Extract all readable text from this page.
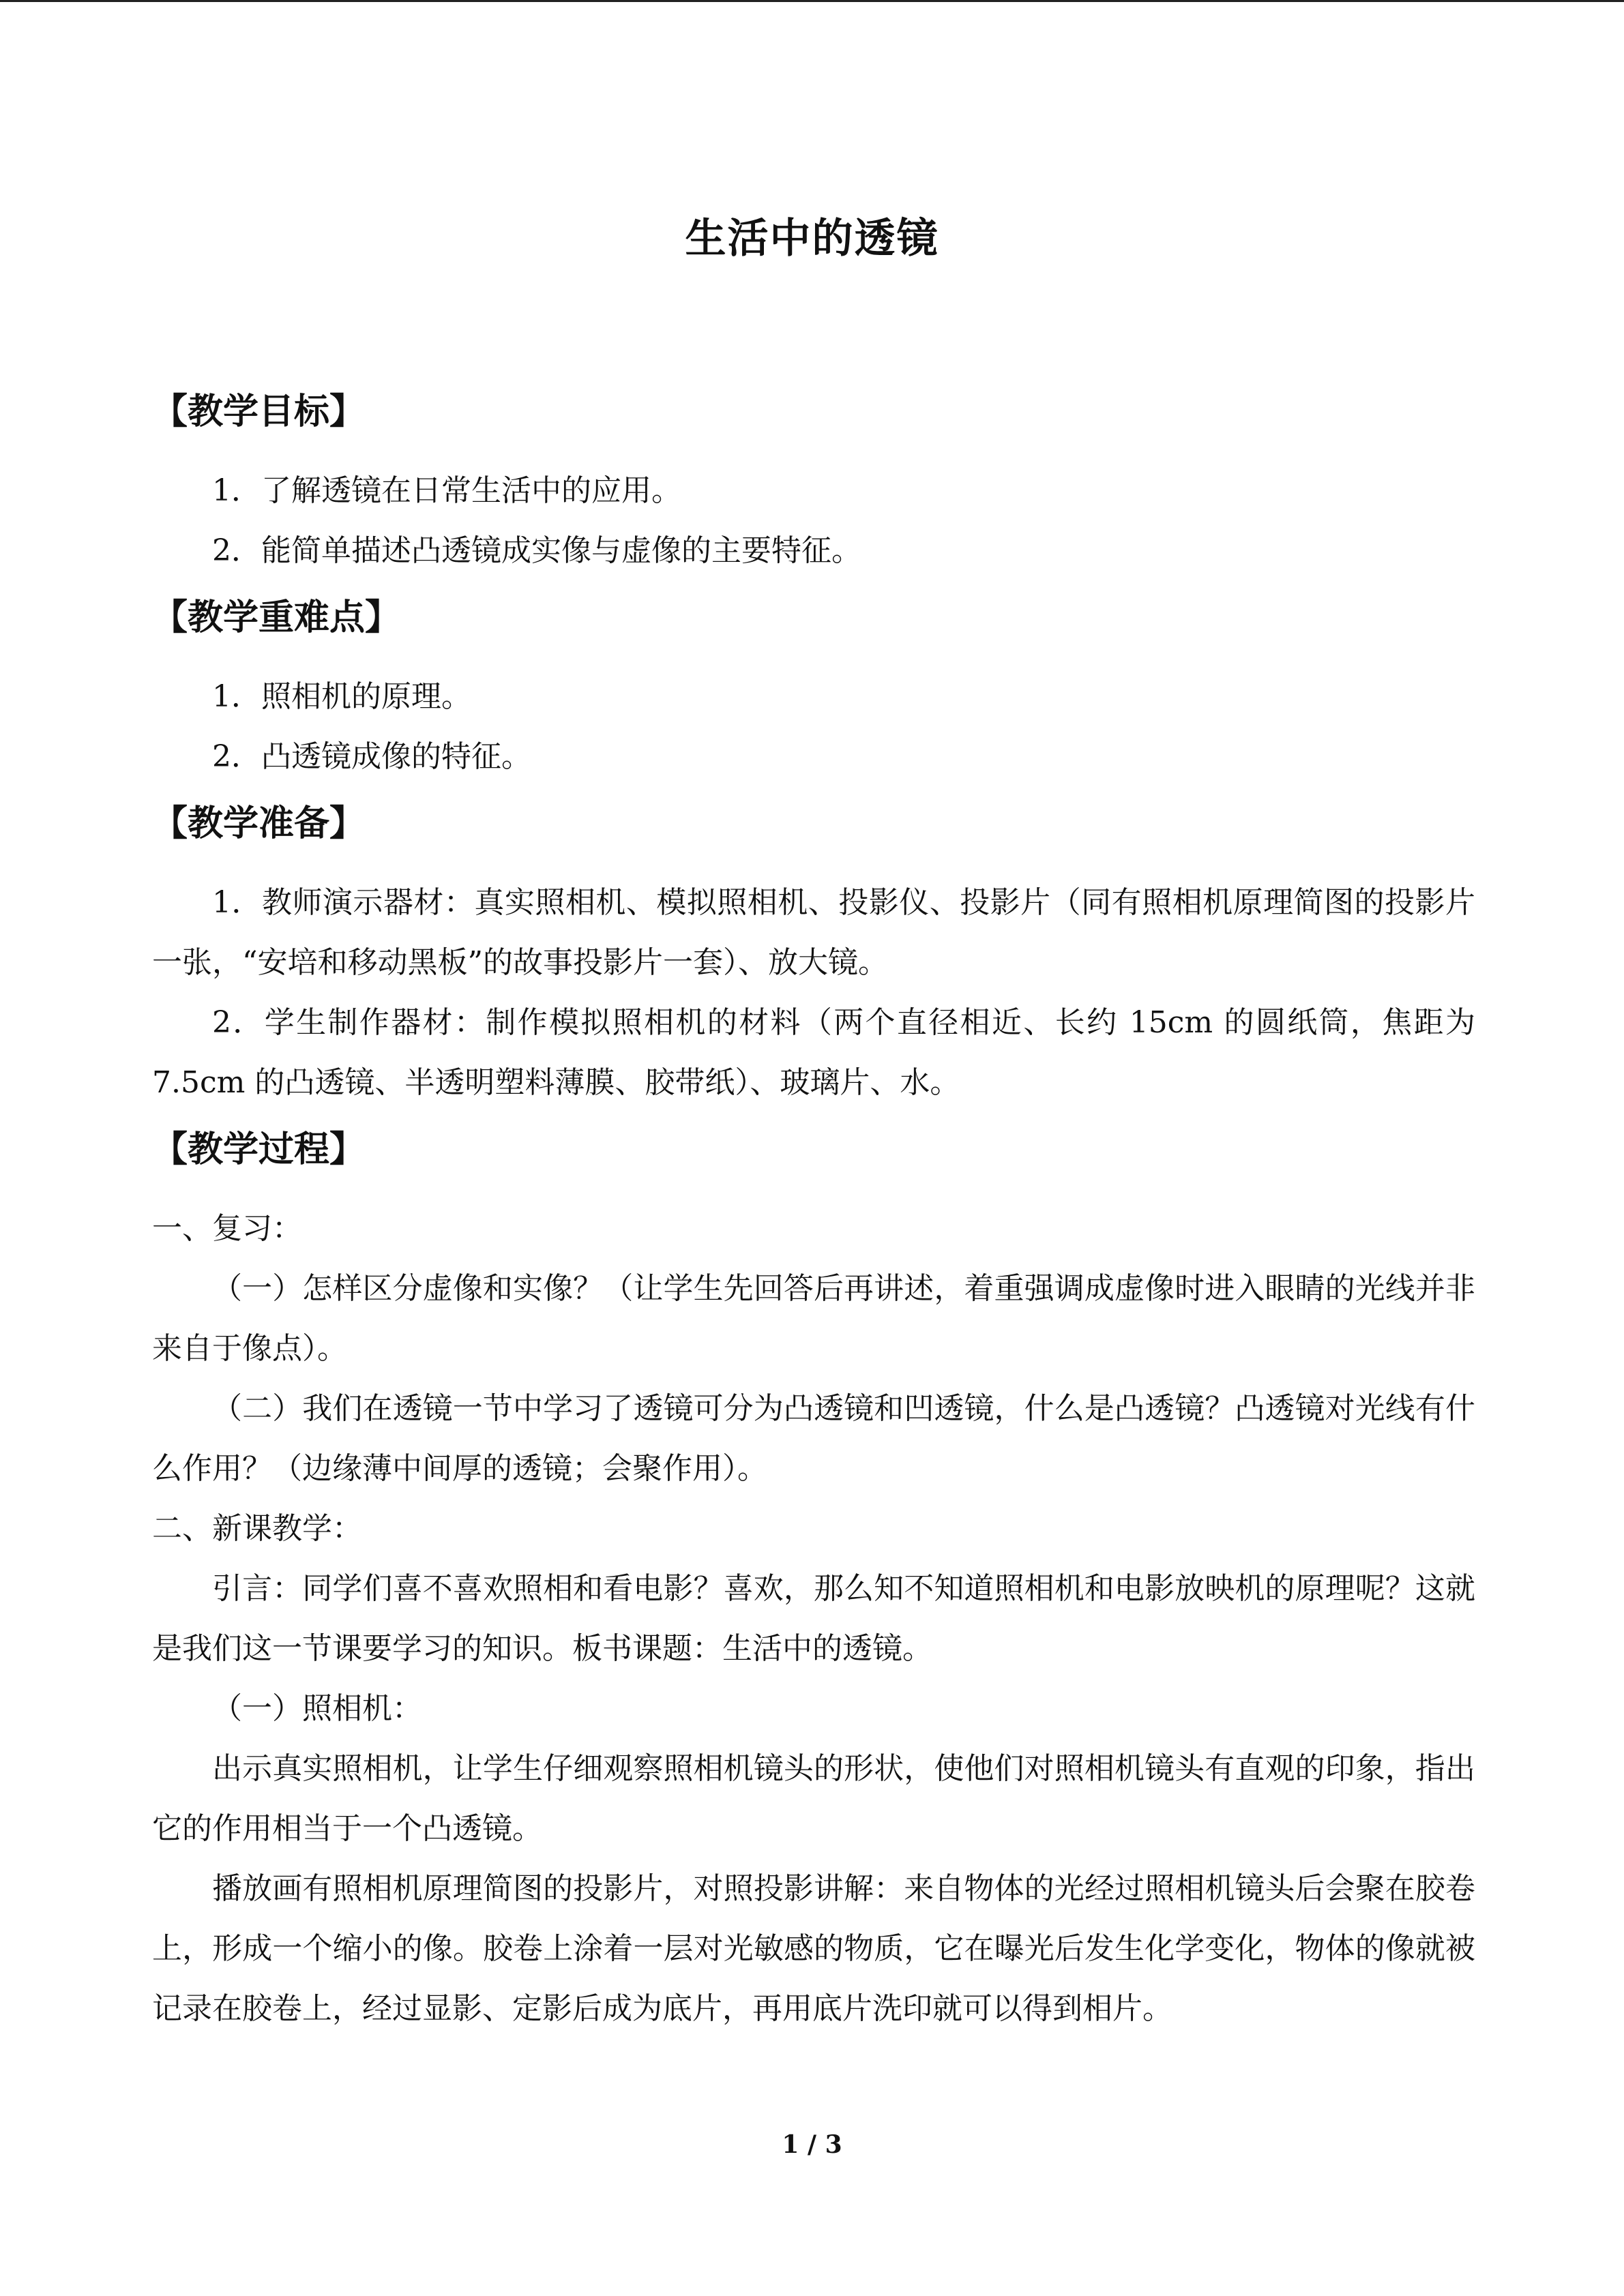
生活中的透镜
【教学目标】

1．了解透镜在日常生活中的应用。

2．能简单描述凸透镜成实像与虚像的主要特征。

【教学重难点】

1．照相机的原理。

2．凸透镜成像的特征。

【教学准备】

1．教师演示器材：真实照相机、模拟照相机、投影仪、投影片（同有照相机原理简图的投影片一张，“安培和移动黑板”的故事投影片一套）、放大镜。

2．学生制作器材：制作模拟照相机的材料（两个直径相近、长约 15cm 的圆纸筒，焦距为 7.5cm 的凸透镜、半透明塑料薄膜、胶带纸）、玻璃片、水。

【教学过程】

一、复习：

（一）怎样区分虚像和实像？（让学生先回答后再讲述，着重强调成虚像时进入眼睛的光线并非来自于像点）。

（二）我们在透镜一节中学习了透镜可分为凸透镜和凹透镜，什么是凸透镜？凸透镜对光线有什么作用？（边缘薄中间厚的透镜；会聚作用）。

二、新课教学：

引言：同学们喜不喜欢照相和看电影？喜欢，那么知不知道照相机和电影放映机的原理呢？这就是我们这一节课要学习的知识。板书课题：生活中的透镜。

（一）照相机：

出示真实照相机，让学生仔细观察照相机镜头的形状，使他们对照相机镜头有直观的印象，指出它的作用相当于一个凸透镜。

播放画有照相机原理简图的投影片，对照投影讲解：来自物体的光经过照相机镜头后会聚在胶卷上，形成一个缩小的像。胶卷上涂着一层对光敏感的物质，它在曝光后发生化学变化，物体的像就被记录在胶卷上，经过显影、定影后成为底片，再用底片洗印就可以得到相片。

1 / 3
